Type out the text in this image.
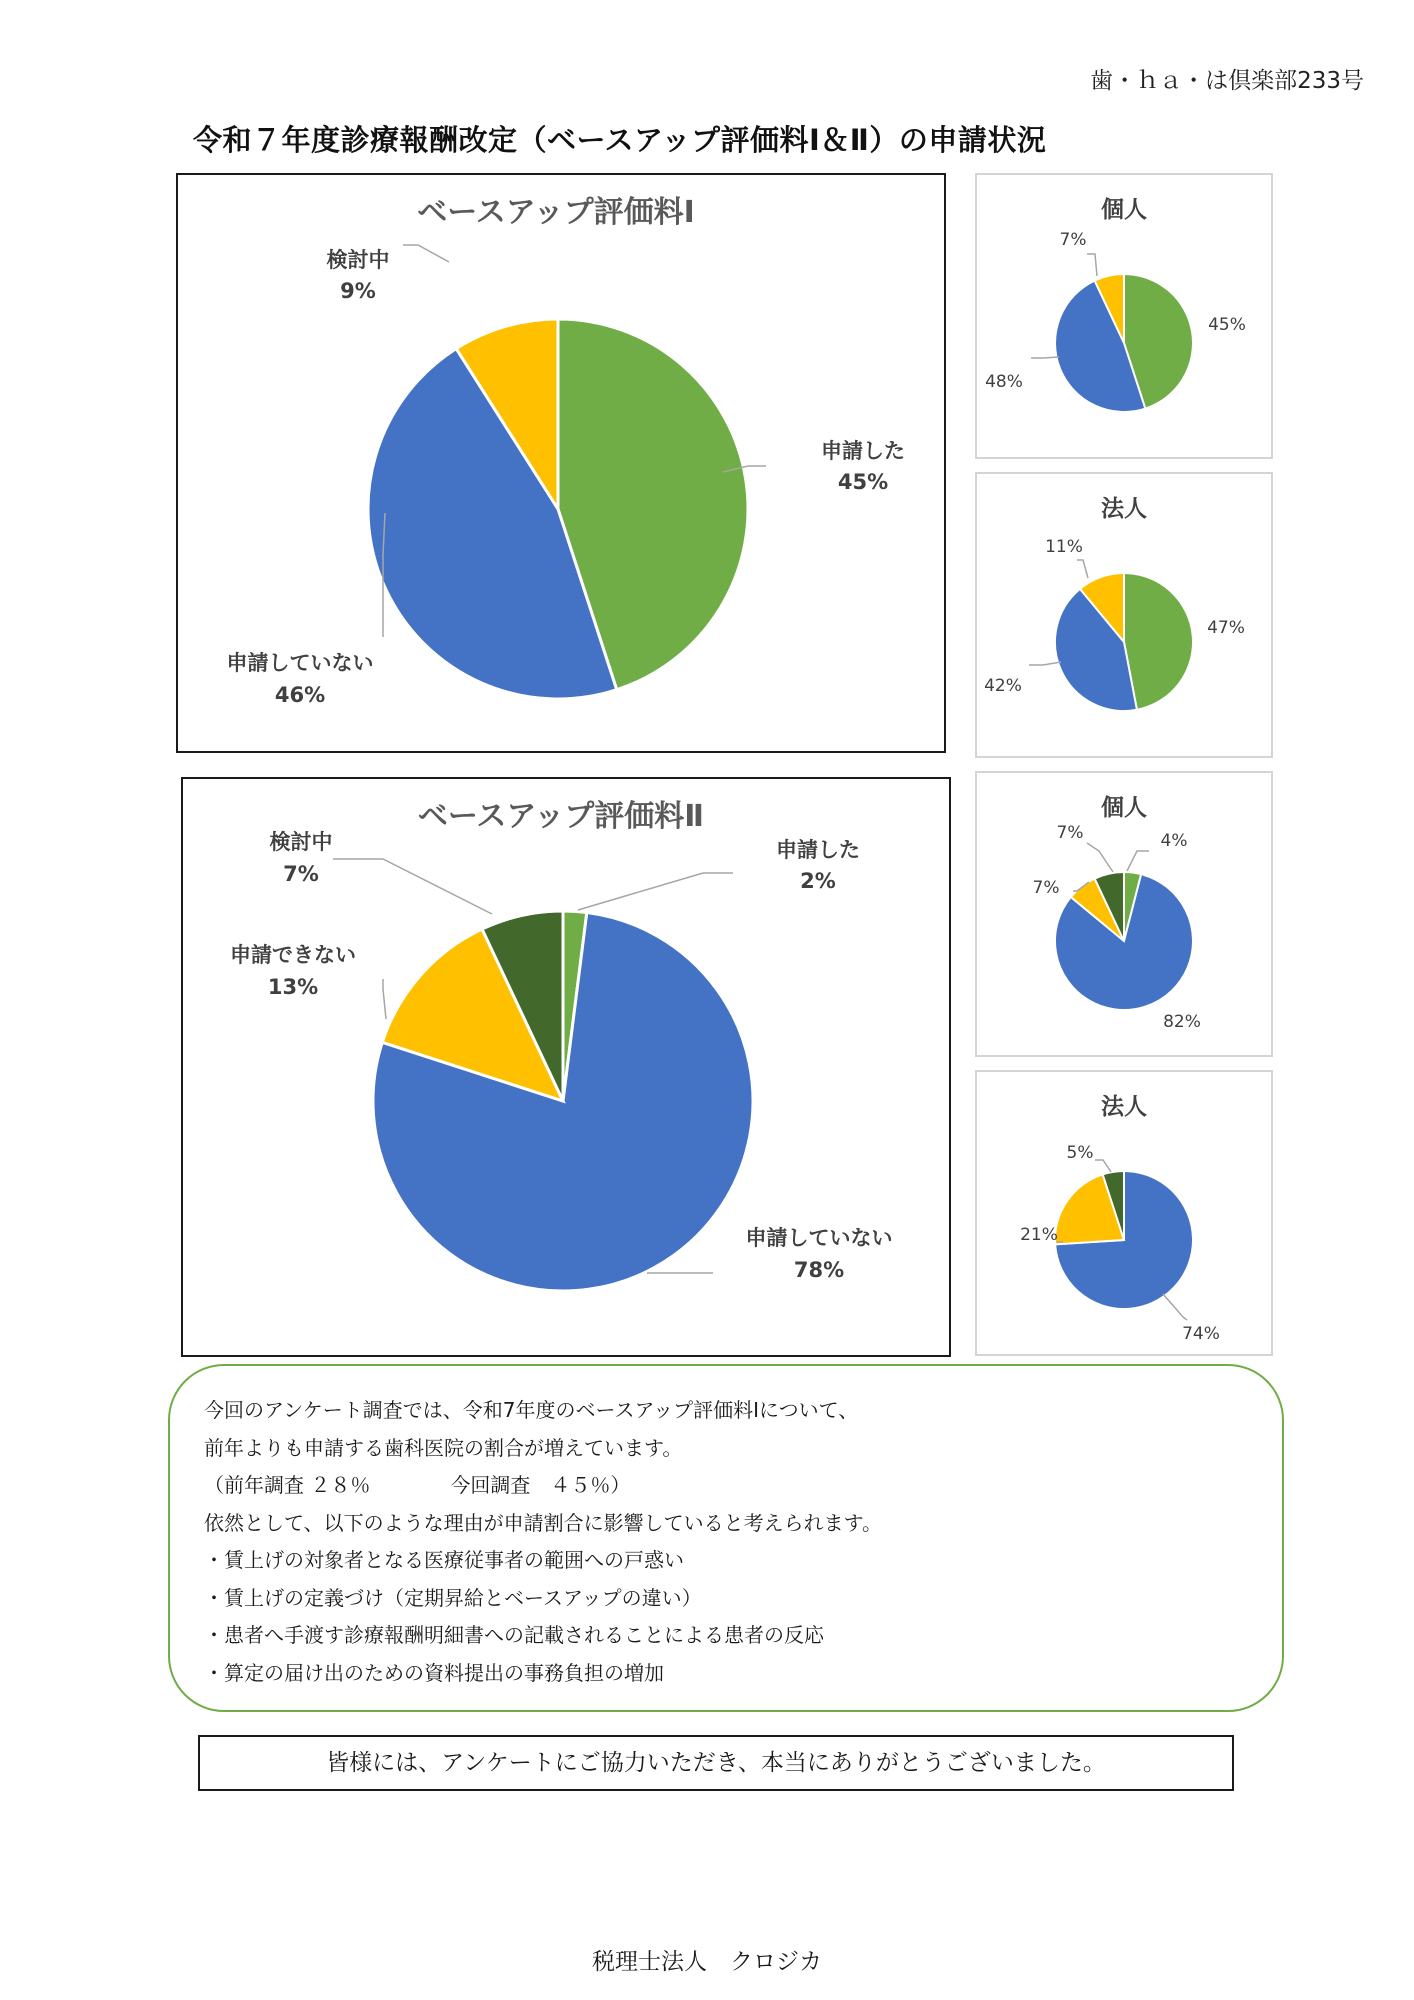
歯・ｈａ・は倶楽部233号
令和７年度診療報酬改定（ベースアップ評価料Ⅰ＆Ⅱ）の申請状況
ベースアップ評価料Ⅰ
申請した
45%
申請していない
46%
検討中
9%
個人
45%
48%
7%
法人
47%
42%
11%
ベースアップ評価料Ⅱ
申請した
2%
申請していない
78%
申請できない
13%
検討中
7%
個人
4%
82%
7%
7%
法人
74%
21%
5%
今回のアンケート調査では、令和7年度のベースアップ評価料Ⅰについて、
前年よりも申請する歯科医院の割合が増えています。
（前年調査 ２８％　　　　今回調査　４５％）
依然として、以下のような理由が申請割合に影響していると考えられます。
・賃上げの対象者となる医療従事者の範囲への戸惑い
・賃上げの定義づけ（定期昇給とベースアップの違い）
・患者へ手渡す診療報酬明細書への記載されることによる患者の反応
・算定の届け出のための資料提出の事務負担の増加
皆様には、アンケートにご協力いただき、本当にありがとうございました。
税理士法人　クロジカ
